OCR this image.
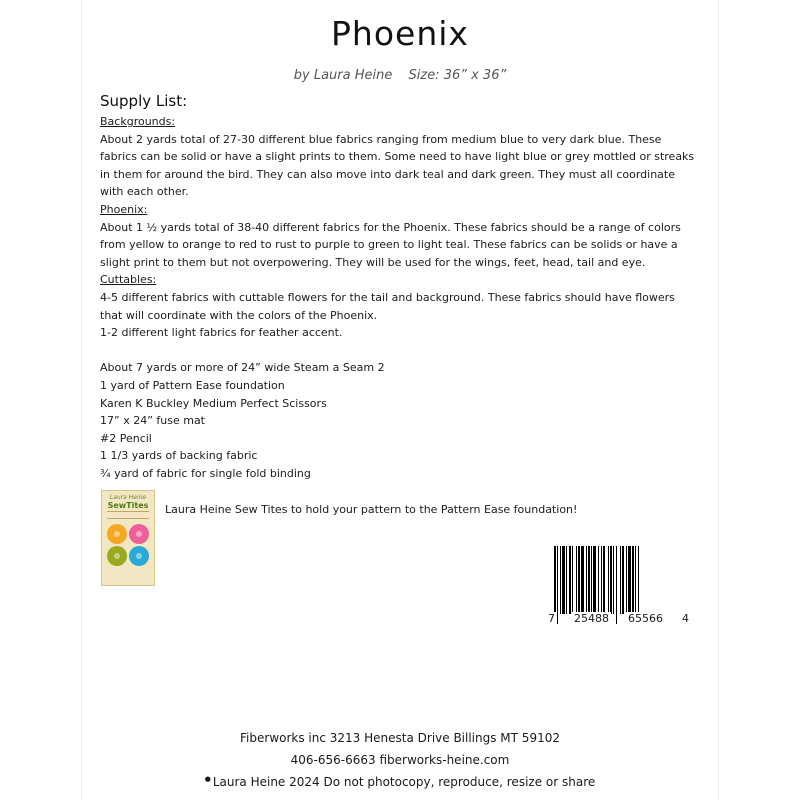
Phoenix
by Laura Heine Size: 36” x 36”
Supply List:

Backgrounds:

About 2 yards total of 27-30 different blue fabrics ranging from medium blue to very dark blue. These

fabrics can be solid or have a slight prints to them. Some need to have light blue or grey mottled or streaks

in them for around the bird. They can also move into dark teal and dark green. They must all coordinate

with each other.

Phoenix:

About 1 ½ yards total of 38-40 different fabrics for the Phoenix. These fabrics should be a range of colors

from yellow to orange to red to rust to purple to green to light teal. These fabrics can be solids or have a

slight print to them but not overpowering. They will be used for the wings, feet, head, tail and eye.

Cuttables:

4-5 different fabrics with cuttable flowers for the tail and background. These fabrics should have flowers

that will coordinate with the colors of the Phoenix.

1-2 different light fabrics for feather accent.

About 7 yards or more of 24” wide Steam a Seam 2

1 yard of Pattern Ease foundation

Karen K Buckley Medium Perfect Scissors

17” x 24” fuse mat

#2 Pencil

1 1/3 yards of backing fabric

¾ yard of fabric for single fold binding

Laura Heine
SewTites	Laura Heine Sew Tites to hold your pattern to the Pattern Ease foundation!
7 25488 65566 4
Fiberworks inc 3213 Henesta Drive Billings MT 59102
406-656-6663 fiberworks-heine.com
● Laura Heine 2024 Do not photocopy, reproduce, resize or share
